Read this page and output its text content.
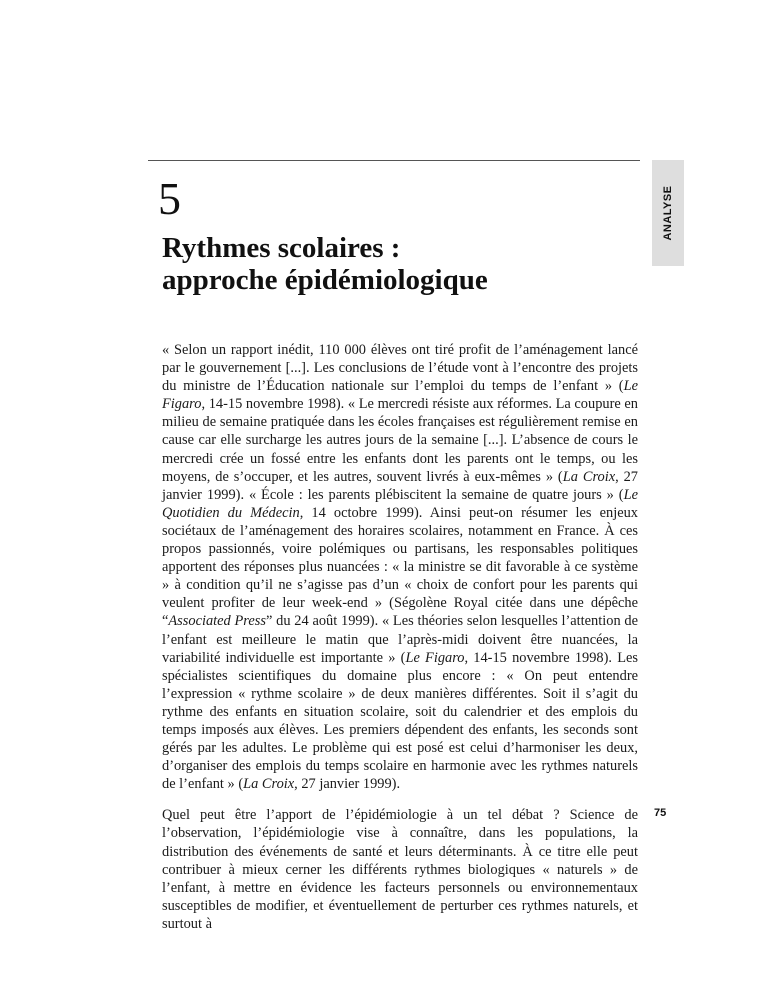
ANALYSE
5
Rythmes scolaires :
approche épidémiologique

« Selon un rapport inédit, 110 000 élèves ont tiré profit de l’aménagement lancé par le gouvernement [...]. Les conclusions de l’étude vont à l’encontre des projets du ministre de l’Éducation nationale sur l’emploi du temps de l’enfant » (Le Figaro, 14-15 novembre 1998). « Le mercredi résiste aux réformes. La coupure en milieu de semaine pratiquée dans les écoles françaises est régulièrement remise en cause car elle surcharge les autres jours de la semaine [...]. L’absence de cours le mercredi crée un fossé entre les enfants dont les parents ont le temps, ou les moyens, de s’occuper, et les autres, souvent livrés à eux-mêmes » (La Croix, 27 janvier 1999). « École : les parents plébiscitent la semaine de quatre jours » (Le Quotidien du Médecin, 14 octobre 1999). Ainsi peut-on résumer les enjeux sociétaux de l’aménagement des horaires scolaires, notamment en France. À ces propos passionnés, voire polémiques ou partisans, les responsables politiques apportent des réponses plus nuancées : « la ministre se dit favorable à ce système » à condition qu’il ne s’agisse pas d’un « choix de confort pour les parents qui veulent profiter de leur week-end » (Ségolène Royal citée dans une dépêche “Associated Press” du 24 août 1999). « Les théories selon lesquelles l’attention de l’enfant est meilleure le matin que l’après-midi doivent être nuancées, la variabilité individuelle est importante » (Le Figaro, 14-15 novembre 1998). Les spécialistes scientifiques du domaine plus encore : « On peut entendre l’expression « rythme scolaire » de deux manières différentes. Soit il s’agit du rythme des enfants en situation scolaire, soit du calendrier et des emplois du temps imposés aux élèves. Les premiers dépendent des enfants, les seconds sont gérés par les adultes. Le problème qui est posé est celui d’harmoniser les deux, d’organiser des emplois du temps scolaire en harmonie avec les rythmes naturels de l’enfant » (La Croix, 27 janvier 1999).

Quel peut être l’apport de l’épidémiologie à un tel débat ? Science de l’observation, l’épidémiologie vise à connaître, dans les populations, la distribution des événements de santé et leurs déterminants. À ce titre elle peut contribuer à mieux cerner les différents rythmes biologiques « naturels » de l’enfant, à mettre en évidence les facteurs personnels ou environnementaux susceptibles de modifier, et éventuellement de perturber ces rythmes naturels, et surtout à

75
